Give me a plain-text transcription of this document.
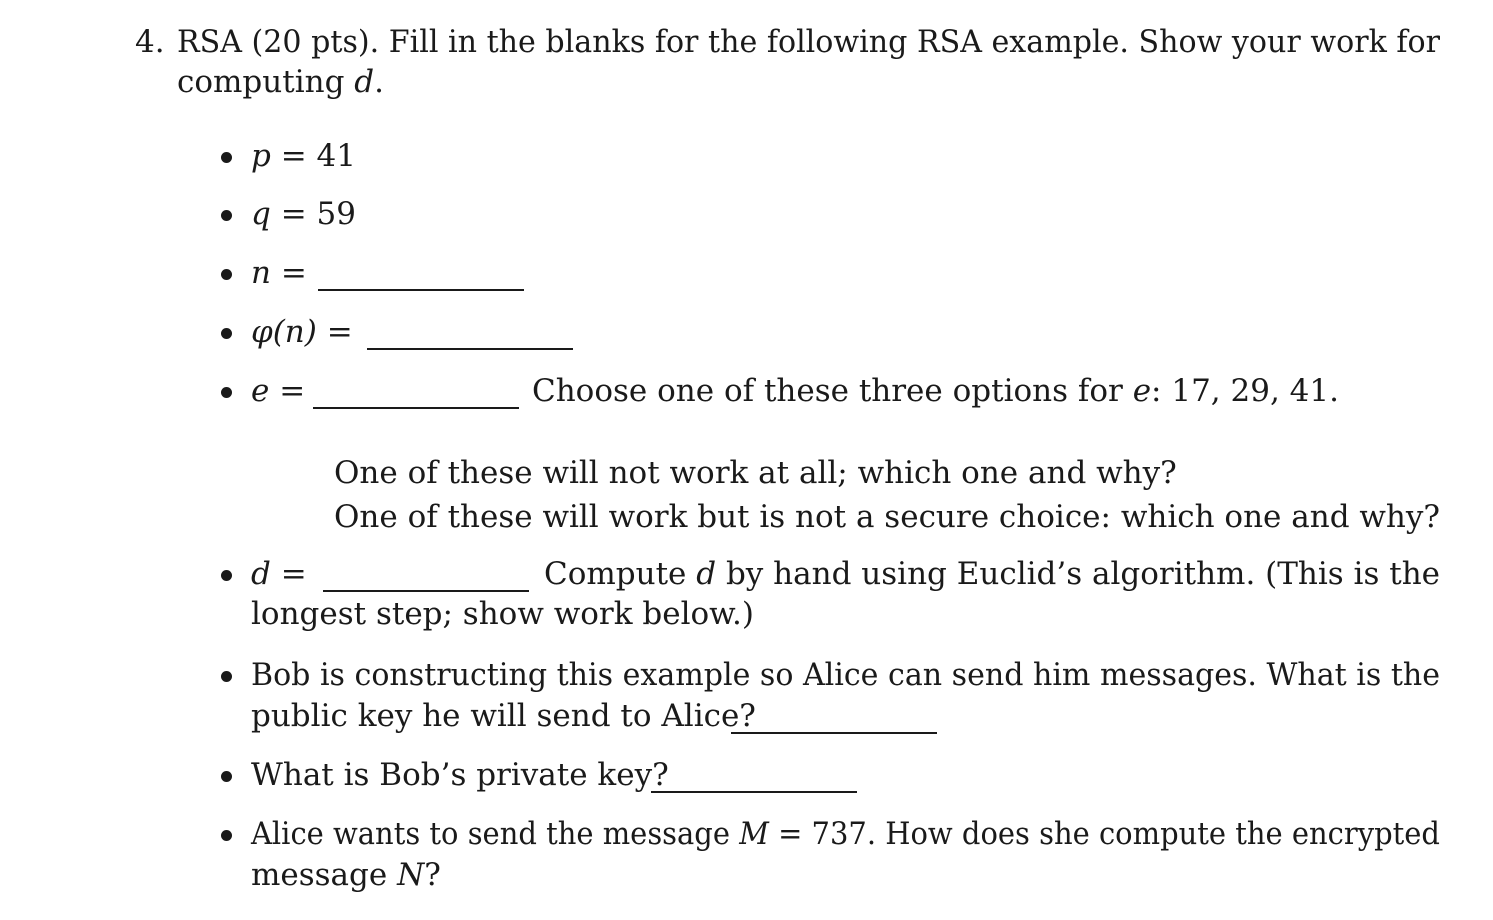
4. RSA (20 pts). Fill in the blanks for the following RSA example. Show your work for
computing d.
p = 41
q = 59
n =
φ(n) =
e =	Choose one of these three options for e: 17, 29, 41.
One of these will not work at all; which one and why?
One of these will work but is not a secure choice: which one and why?
d =	Compute d by hand using Euclid’s algorithm. (This is the
longest step; show work below.)
Bob is constructing this example so Alice can send him messages. What is the
public key he will send to Alice?
What is Bob’s private key?
Alice wants to send the message M = 737. How does she compute the encrypted
message N?
